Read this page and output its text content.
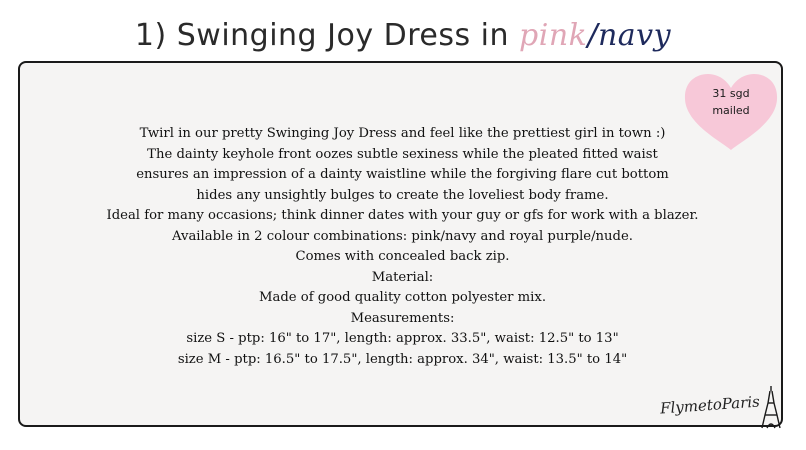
1) Swinging Joy Dress in pink/navy
31 sgd
mailed
Twirl in our pretty Swinging Joy Dress and feel like the prettiest girl in town :)
The dainty keyhole front oozes subtle sexiness while the pleated fitted waist
ensures an impression of a dainty waistline while the forgiving flare cut bottom
hides any unsightly bulges to create the loveliest body frame.
Ideal for many occasions; think dinner dates with your guy or gfs for work with a blazer.
Available in 2 colour combinations: pink/navy and royal purple/nude.
Comes with concealed back zip.
Material:
Made of good quality cotton polyester mix.
Measurements:
size S - ptp: 16" to 17", length: approx. 33.5", waist: 12.5" to 13"
size M - ptp: 16.5" to 17.5", length: approx. 34", waist: 13.5" to 14"
FlymetoParis
